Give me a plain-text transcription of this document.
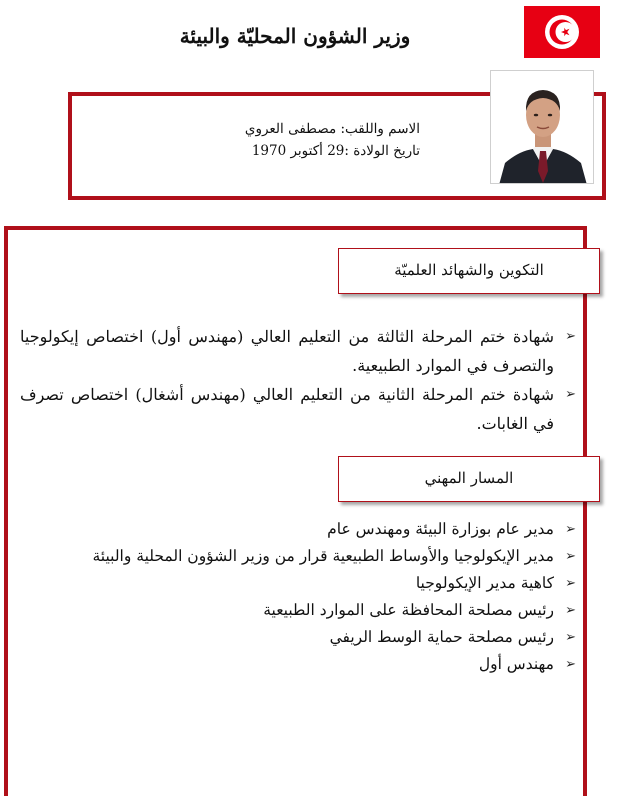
وزير الشؤون المحليّة والبيئة
الاسم واللقب: مصطفى العروي
تاريخ الولادة :29 أكتوبر 1970
التكوين والشهائد العلميّة
➢
شهادة ختم المرحلة الثالثة من التعليم العالي (مهندس أول) اختصاص إيكولوجيا والتصرف في الموارد الطبيعية.
➢
شهادة ختم المرحلة الثانية من التعليم العالي (مهندس أشغال) اختصاص تصرف في الغابات.
المسار المهني
➢
مدير عام بوزارة البيئة ومهندس عام
➢
مدير الإيكولوجيا والأوساط الطبيعية قرار من وزير الشؤون المحلية والبيئة
➢
كاهية مدير الإيكولوجيا
➢
رئيس مصلحة المحافظة على الموارد الطبيعية
➢
رئيس مصلحة حماية الوسط الريفي
➢
مهندس أول
